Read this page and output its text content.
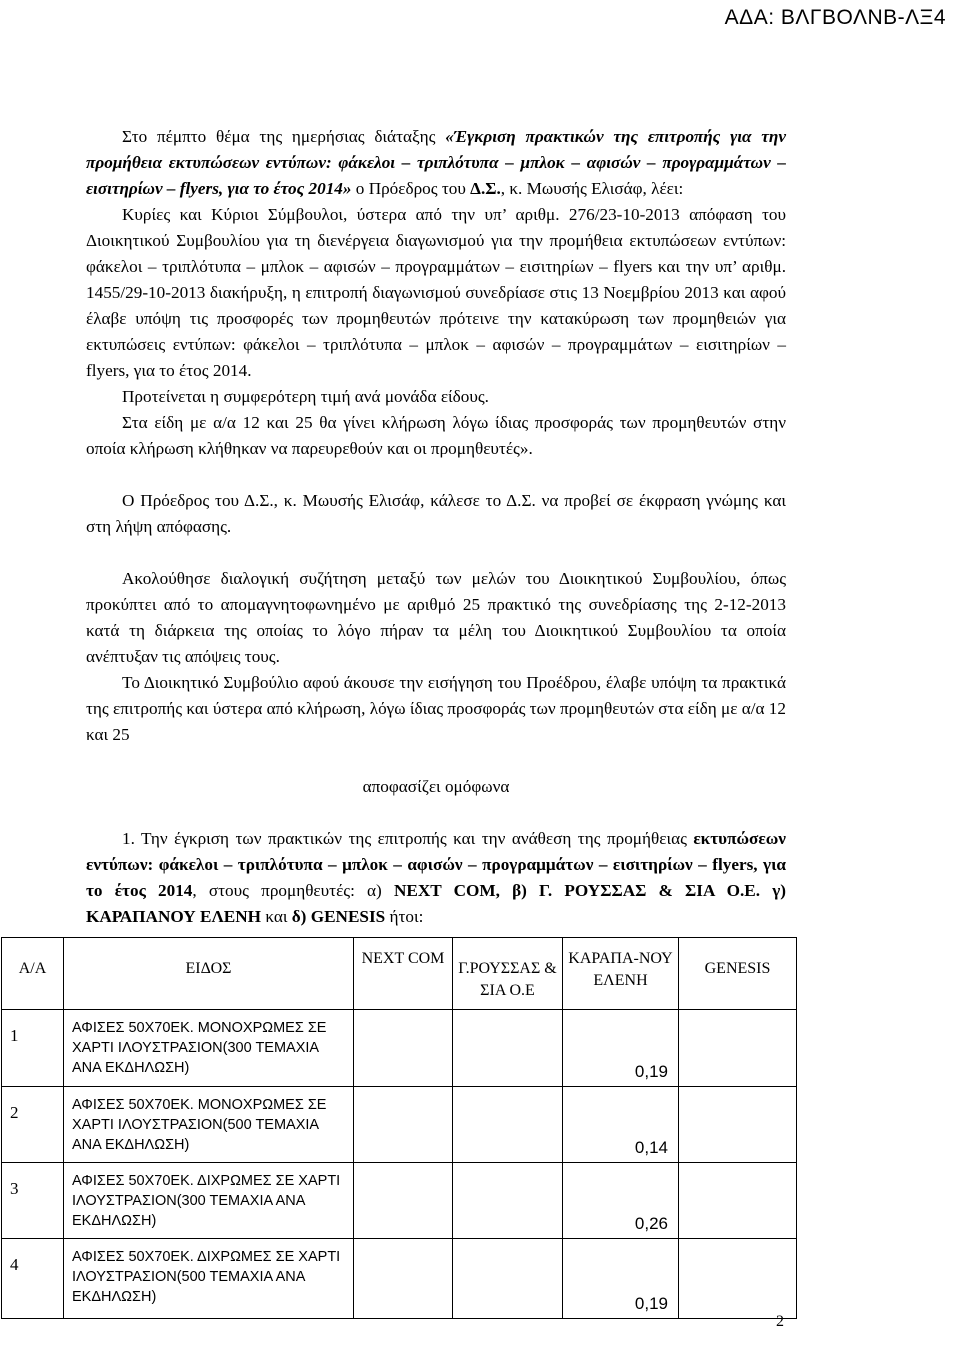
ΑΔΑ: ΒΛΓΒΟΛΝΒ-ΛΞ4

Στο πέμπτο θέμα της ημερήσιας διάταξης «Έγκριση πρακτικών της επιτροπής για την προμήθεια εκτυπώσεων εντύπων: φάκελοι – τριπλότυπα – μπλοκ – αφισών – προγραμμάτων – εισιτηρίων – flyers, για το έτος 2014» ο Πρόεδρος του Δ.Σ., κ. Μωυσής Ελισάφ, λέει:

Κυρίες και Κύριοι Σύμβουλοι, ύστερα από την υπ’ αριθμ. 276/23-10-2013 απόφαση του Διοικητικού Συμβουλίου για τη διενέργεια διαγωνισμού για την προμήθεια εκτυπώσεων εντύπων: φάκελοι – τριπλότυπα – μπλοκ – αφισών – προγραμμάτων – εισιτηρίων – flyers και την υπ’ αριθμ. 1455/29-10-2013 διακήρυξη, η επιτροπή διαγωνισμού συνεδρίασε στις 13 Νοεμβρίου 2013 και αφού έλαβε υπόψη τις προσφορές των προμηθευτών πρότεινε την κατακύρωση των προμηθειών για εκτυπώσεις εντύπων: φάκελοι – τριπλότυπα – μπλοκ – αφισών – προγραμμάτων – εισιτηρίων – flyers, για το έτος 2014.

Προτείνεται η συμφερότερη τιμή ανά μονάδα είδους.

Στα είδη με α/α 12 και 25 θα γίνει κλήρωση λόγω ίδιας προσφοράς των προμηθευτών στην οποία κλήρωση κλήθηκαν να παρευρεθούν και οι προμηθευτές».

Ο Πρόεδρος του Δ.Σ., κ. Μωυσής Ελισάφ, κάλεσε το Δ.Σ. να προβεί σε έκφραση γνώμης και στη λήψη απόφασης.

Ακολούθησε διαλογική συζήτηση μεταξύ των μελών του Διοικητικού Συμβουλίου, όπως προκύπτει από το απομαγνητοφωνημένο με αριθμό 25 πρακτικό της συνεδρίασης της 2-12-2013 κατά τη διάρκεια της οποίας το λόγο πήραν τα μέλη του Διοικητικού Συμβουλίου τα οποία ανέπτυξαν τις απόψεις τους.

Το Διοικητικό Συμβούλιο αφού άκουσε την εισήγηση του Προέδρου, έλαβε υπόψη τα πρακτικά της επιτροπής και ύστερα από κλήρωση, λόγω ίδιας προσφοράς των προμηθευτών στα είδη με α/α 12 και 25

αποφασίζει ομόφωνα

1. Την έγκριση των πρακτικών της επιτροπής και την ανάθεση της προμήθειας εκτυπώσεων εντύπων: φάκελοι – τριπλότυπα – μπλοκ – αφισών – προγραμμάτων – εισιτηρίων – flyers, για το έτος 2014, στους προμηθευτές: α) NEXT COM, β) Γ. ΡΟΥΣΣΑΣ & ΣΙΑ Ο.Ε. γ) ΚΑΡΑΠΑΝΟΥ ΕΛΕΝΗ και δ) GENESIS ήτοι:

Α/Α	ΕΙΔΟΣ	NEXT COM	Γ.ΡΟΥΣΣΑΣ & ΣΙΑ Ο.Ε	ΚΑΡΑΠΑ-ΝΟΥ ΕΛΕΝΗ	GENESIS
1	ΑΦΙΣΕΣ 50Χ70ΕΚ. ΜΟΝΟΧΡΩΜΕΣ ΣΕ ΧΑΡΤΙ ΙΛΟΥΣΤΡΑΣΙΟΝ(300 ΤΕΜΑΧΙΑ ΑΝΑ ΕΚΔΗΛΩΣΗ)			0,19	
2	ΑΦΙΣΕΣ 50Χ70ΕΚ. ΜΟΝΟΧΡΩΜΕΣ ΣΕ ΧΑΡΤΙ ΙΛΟΥΣΤΡΑΣΙΟΝ(500 ΤΕΜΑΧΙΑ ΑΝΑ ΕΚΔΗΛΩΣΗ)			0,14	
3	ΑΦΙΣΕΣ 50Χ70ΕΚ. ΔΙΧΡΩΜΕΣ ΣΕ ΧΑΡΤΙ ΙΛΟΥΣΤΡΑΣΙΟΝ(300 ΤΕΜΑΧΙΑ ΑΝΑ ΕΚΔΗΛΩΣΗ)			0,26	
4	ΑΦΙΣΕΣ 50Χ70ΕΚ. ΔΙΧΡΩΜΕΣ ΣΕ ΧΑΡΤΙ ΙΛΟΥΣΤΡΑΣΙΟΝ(500 ΤΕΜΑΧΙΑ ΑΝΑ ΕΚΔΗΛΩΣΗ)			0,19	
2
